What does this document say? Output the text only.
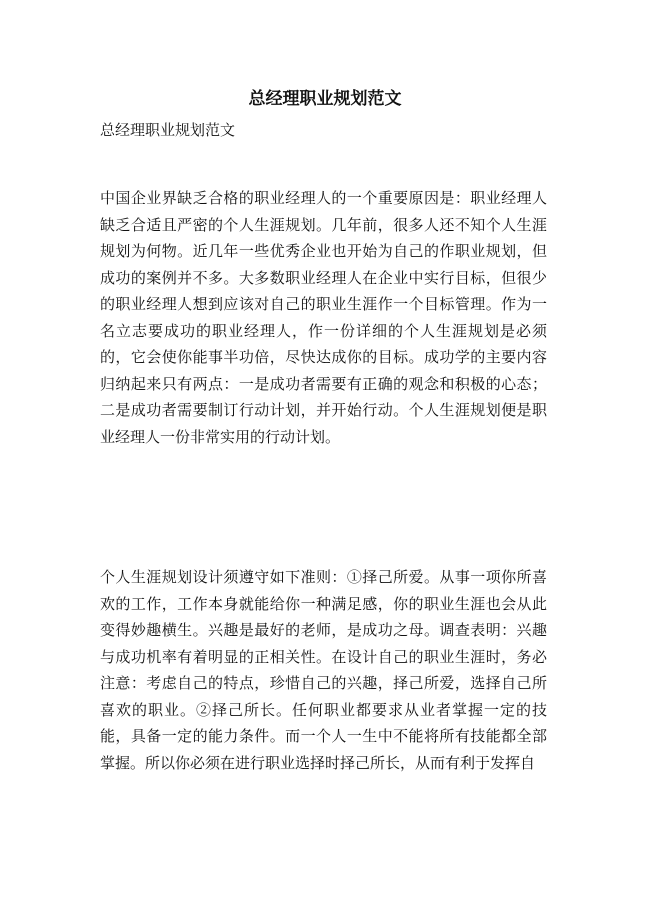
总经理职业规划范文

总经理职业规划范文

中国企业界缺乏合格的职业经理人的一个重要原因是：职业经理人缺乏合适且严密的个人生涯规划。几年前，很多人还不知个人生涯规划为何物。近几年一些优秀企业也开始为自己的作职业规划，但成功的案例并不多。大多数职业经理人在企业中实行目标，但很少的职业经理人想到应该对自己的职业生涯作一个目标管理。作为一名立志要成功的职业经理人，作一份详细的个人生涯规划是必须的，它会使你能事半功倍，尽快达成你的目标。成功学的主要内容归纳起来只有两点：一是成功者需要有正确的观念和积极的心态；二是成功者需要制订行动计划，并开始行动。个人生涯规划便是职业经理人一份非常实用的行动计划。

个人生涯规划设计须遵守如下准则：①择己所爱。从事一项你所喜欢的工作，工作本身就能给你一种满足感，你的职业生涯也会从此变得妙趣横生。兴趣是最好的老师，是成功之母。调查表明：兴趣与成功机率有着明显的正相关性。在设计自己的职业生涯时，务必注意：考虑自己的特点，珍惜自己的兴趣，择己所爱，选择自己所喜欢的职业。②择己所长。任何职业都要求从业者掌握一定的技能，具备一定的能力条件。而一个人一生中不能将所有技能都全部掌握。所以你必须在进行职业选择时择己所长，从而有利于发挥自
